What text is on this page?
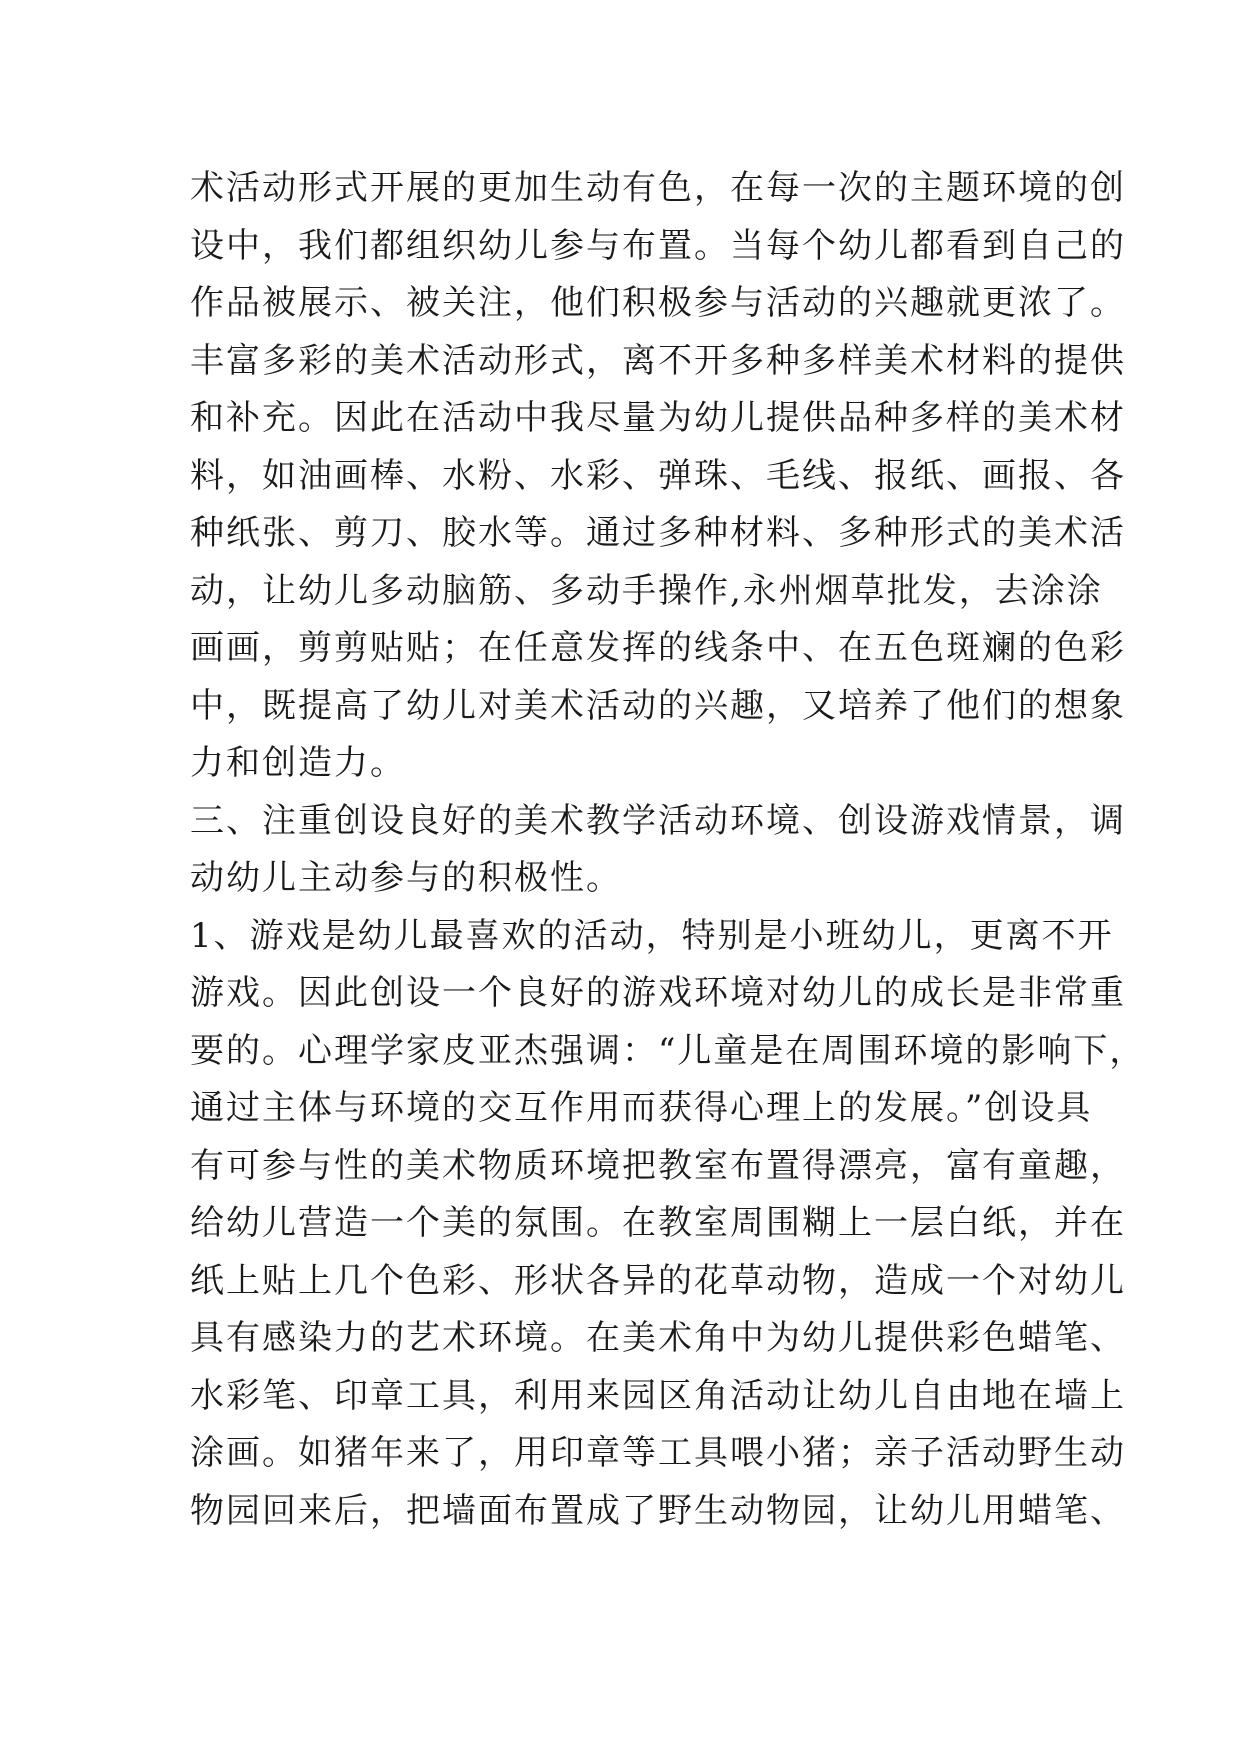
术活动形式开展的更加生动有色，在每一次的主题环境的创
设中，我们都组织幼儿参与布置。当每个幼儿都看到自己的
作品被展示、被关注，他们积极参与活动的兴趣就更浓了。
丰富多彩的美术活动形式，离不开多种多样美术材料的提供
和补充。因此在活动中我尽量为幼儿提供品种多样的美术材
料，如油画棒、水粉、水彩、弹珠、毛线、报纸、画报、各
种纸张、剪刀、胶水等。通过多种材料、多种形式的美术活
动，让幼儿多动脑筋、多动手操作,永州烟草批发，去涂涂
画画，剪剪贴贴；在任意发挥的线条中、在五色斑斓的色彩
中，既提高了幼儿对美术活动的兴趣，又培养了他们的想象
力和创造力。
三、注重创设良好的美术教学活动环境、创设游戏情景，调
动幼儿主动参与的积极性。
1、游戏是幼儿最喜欢的活动，特别是小班幼儿，更离不开
游戏。因此创设一个良好的游戏环境对幼儿的成长是非常重
要的。心理学家皮亚杰强调：“儿童是在周围环境的影响下，
通过主体与环境的交互作用而获得心理上的发展。”创设具
有可参与性的美术物质环境把教室布置得漂亮，富有童趣，
给幼儿营造一个美的氛围。在教室周围糊上一层白纸，并在
纸上贴上几个色彩、形状各异的花草动物，造成一个对幼儿
具有感染力的艺术环境。在美术角中为幼儿提供彩色蜡笔、
水彩笔、印章工具，利用来园区角活动让幼儿自由地在墙上
涂画。如猪年来了，用印章等工具喂小猪；亲子活动野生动
物园回来后，把墙面布置成了野生动物园，让幼儿用蜡笔、
